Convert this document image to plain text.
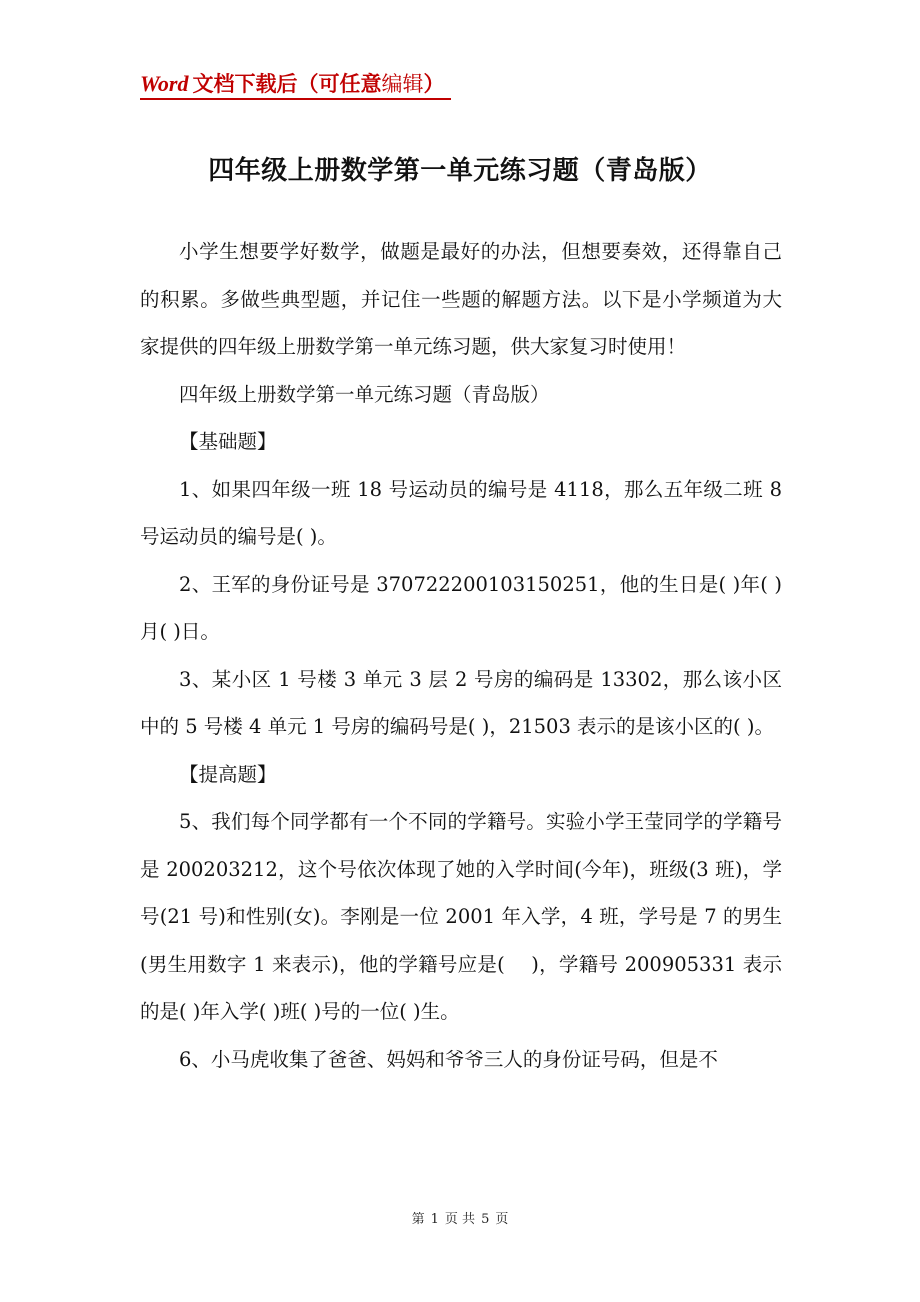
Word 文档下载后（可任意 编辑 ）
四年级上册数学第一单元练习题（青岛版）

小学生想要学好数学，做题是最好的办法，但想要奏效，还得靠自己的积累。多做些典型题，并记住一些题的解题方法。以下是小学频道为大家提供的四年级上册数学第一单元练习题，供大家复习时使用！

四年级上册数学第一单元练习题（青岛版）

【基础题】

1、如果四年级一班 18 号运动员的编号是 4118，那么五年级二班 8 号运动员的编号是( )。

2、王军的身份证号是 370722200103150251，他的生日是( )年( )月( )日。

3、某小区 1 号楼 3 单元 3 层 2 号房的编码是 13302，那么该小区中的 5 号楼 4 单元 1 号房的编码号是( )，21503 表示的是该小区的( )。

【提高题】

5、我们每个同学都有一个不同的学籍号。实验小学王莹同学的学籍号是 200203212，这个号依次体现了她的入学时间(今年)，班级(3 班)，学号(21 号)和性别(女)。李刚是一位 2001 年入学，4 班，学号是 7 的男生(男生用数字 1 来表示)，他的学籍号应是(　 )，学籍号 200905331 表示的是( )年入学( )班( )号的一位( )生。

6、小马虎收集了爸爸、妈妈和爷爷三人的身份证号码，但是不

第 1 页 共 5 页
